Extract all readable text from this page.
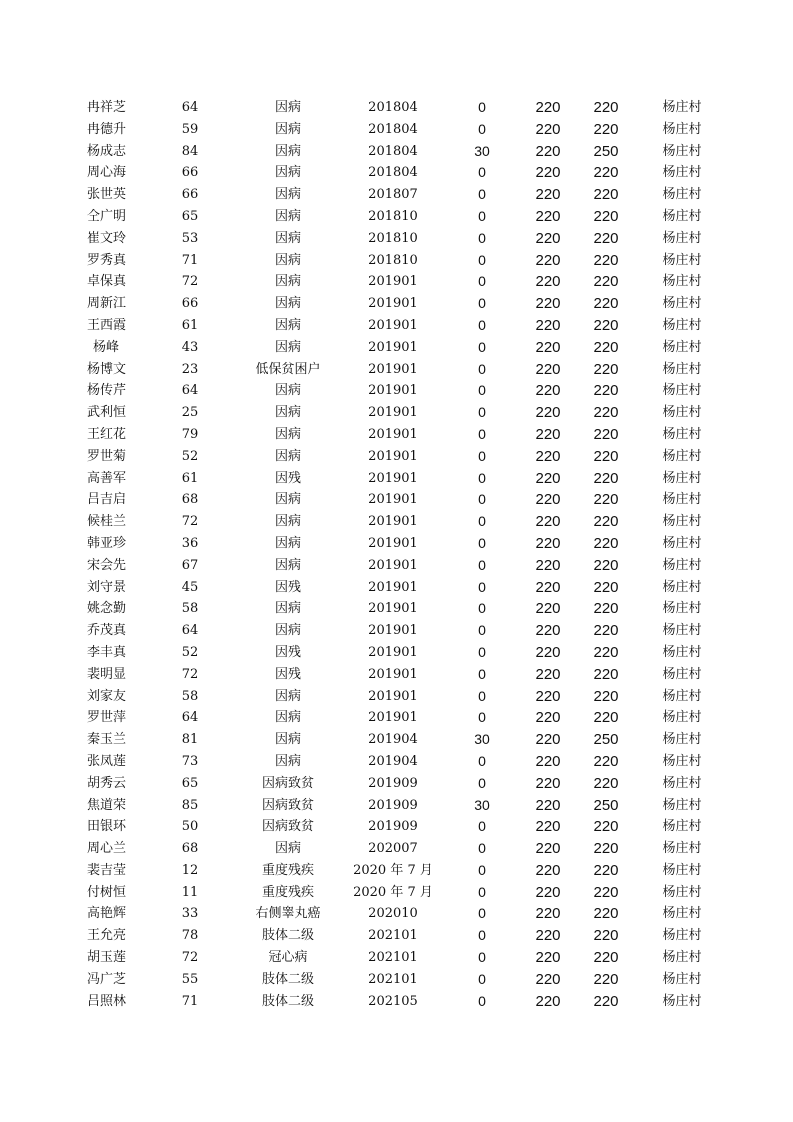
冉祥芝	64	因病	201804	0	220	220	杨庄村
冉德升	59	因病	201804	0	220	220	杨庄村
杨成志	84	因病	201804	30	220	250	杨庄村
周心海	66	因病	201804	0	220	220	杨庄村
张世英	66	因病	201807	0	220	220	杨庄村
仝广明	65	因病	201810	0	220	220	杨庄村
崔文玲	53	因病	201810	0	220	220	杨庄村
罗秀真	71	因病	201810	0	220	220	杨庄村
卓保真	72	因病	201901	0	220	220	杨庄村
周新江	66	因病	201901	0	220	220	杨庄村
王西霞	61	因病	201901	0	220	220	杨庄村
杨峰	43	因病	201901	0	220	220	杨庄村
杨博文	23	低保贫困户	201901	0	220	220	杨庄村
杨传芹	64	因病	201901	0	220	220	杨庄村
武利恒	25	因病	201901	0	220	220	杨庄村
王红花	79	因病	201901	0	220	220	杨庄村
罗世菊	52	因病	201901	0	220	220	杨庄村
高善军	61	因残	201901	0	220	220	杨庄村
吕吉启	68	因病	201901	0	220	220	杨庄村
候桂兰	72	因病	201901	0	220	220	杨庄村
韩亚珍	36	因病	201901	0	220	220	杨庄村
宋会先	67	因病	201901	0	220	220	杨庄村
刘守景	45	因残	201901	0	220	220	杨庄村
姚念勤	58	因病	201901	0	220	220	杨庄村
乔茂真	64	因病	201901	0	220	220	杨庄村
李丰真	52	因残	201901	0	220	220	杨庄村
裴明显	72	因残	201901	0	220	220	杨庄村
刘家友	58	因病	201901	0	220	220	杨庄村
罗世萍	64	因病	201901	0	220	220	杨庄村
秦玉兰	81	因病	201904	30	220	250	杨庄村
张凤莲	73	因病	201904	0	220	220	杨庄村
胡秀云	65	因病致贫	201909	0	220	220	杨庄村
焦道荣	85	因病致贫	201909	30	220	250	杨庄村
田银环	50	因病致贫	201909	0	220	220	杨庄村
周心兰	68	因病	202007	0	220	220	杨庄村
裴吉莹	12	重度残疾	2020 年 7 月	0	220	220	杨庄村
付树恒	11	重度残疾	2020 年 7 月	0	220	220	杨庄村
高艳辉	33	右侧睾丸癌	202010	0	220	220	杨庄村
王允亮	78	肢体二级	202101	0	220	220	杨庄村
胡玉莲	72	冠心病	202101	0	220	220	杨庄村
冯广芝	55	肢体二级	202101	0	220	220	杨庄村
吕照林	71	肢体二级	202105	0	220	220	杨庄村
